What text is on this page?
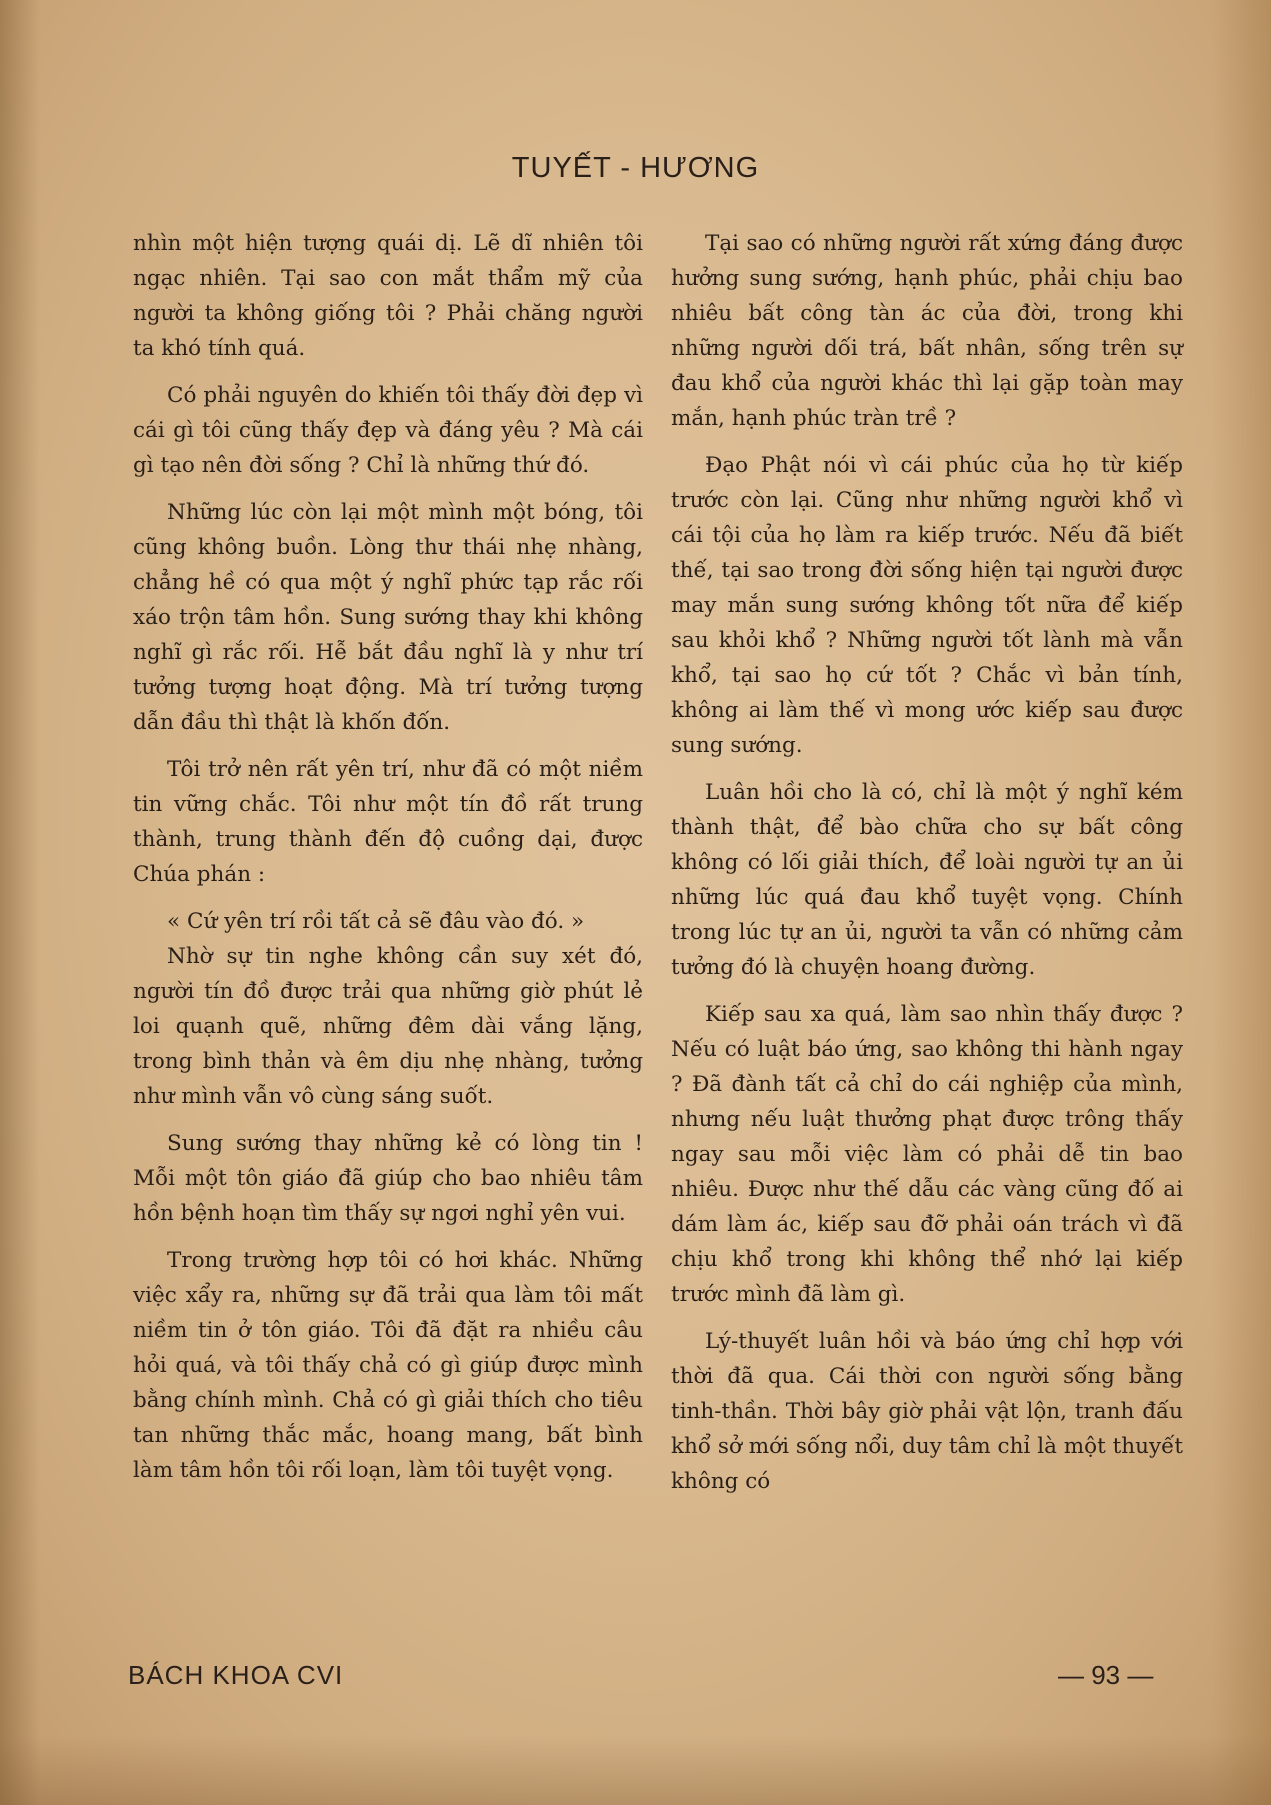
TUYẾT - HƯƠNG

nhìn một hiện tượng quái dị. Lẽ dĩ nhiên tôi ngạc nhiên. Tại sao con mắt thẩm mỹ của người ta không giống tôi ? Phải chăng người ta khó tính quá.

Có phải nguyên do khiến tôi thấy đời đẹp vì cái gì tôi cũng thấy đẹp và đáng yêu ? Mà cái gì tạo nên đời sống ? Chỉ là những thứ đó.

Những lúc còn lại một mình một bóng, tôi cũng không buồn. Lòng thư thái nhẹ nhàng, chẳng hề có qua một ý nghĩ phức tạp rắc rối xáo trộn tâm hồn. Sung sướng thay khi không nghĩ gì rắc rối. Hễ bắt đầu nghĩ là y như trí tưởng tượng hoạt động. Mà trí tưởng tượng dẫn đầu thì thật là khốn đốn.

Tôi trở nên rất yên trí, như đã có một niềm tin vững chắc. Tôi như một tín đồ rất trung thành, trung thành đến độ cuồng dại, được Chúa phán :

« Cứ yên trí rồi tất cả sẽ đâu vào đó. »

Nhờ sự tin nghe không cần suy xét đó, người tín đồ được trải qua những giờ phút lẻ loi quạnh quẽ, những đêm dài vắng lặng, trong bình thản và êm dịu nhẹ nhàng, tưởng như mình vẫn vô cùng sáng suốt.

Sung sướng thay những kẻ có lòng tin ! Mỗi một tôn giáo đã giúp cho bao nhiêu tâm hồn bệnh hoạn tìm thấy sự ngơi nghỉ yên vui.

Trong trường hợp tôi có hơi khác. Những việc xẩy ra, những sự đã trải qua làm tôi mất niềm tin ở tôn giáo. Tôi đã đặt ra nhiều câu hỏi quá, và tôi thấy chả có gì giúp được mình bằng chính mình. Chả có gì giải thích cho tiêu tan những thắc mắc, hoang mang, bất bình làm tâm hồn tôi rối loạn, làm tôi tuyệt vọng.

Tại sao có những người rất xứng đáng được hưởng sung sướng, hạnh phúc, phải chịu bao nhiêu bất công tàn ác của đời, trong khi những người dối trá, bất nhân, sống trên sự đau khổ của người khác thì lại gặp toàn may mắn, hạnh phúc tràn trề ?

Đạo Phật nói vì cái phúc của họ từ kiếp trước còn lại. Cũng như những người khổ vì cái tội của họ làm ra kiếp trước. Nếu đã biết thế, tại sao trong đời sống hiện tại người được may mắn sung sướng không tốt nữa để kiếp sau khỏi khổ ? Những người tốt lành mà vẫn khổ, tại sao họ cứ tốt ? Chắc vì bản tính, không ai làm thế vì mong ước kiếp sau được sung sướng.

Luân hồi cho là có, chỉ là một ý nghĩ kém thành thật, để bào chữa cho sự bất công không có lối giải thích, để loài người tự an ủi những lúc quá đau khổ tuyệt vọng. Chính trong lúc tự an ủi, người ta vẫn có những cảm tưởng đó là chuyện hoang đường.

Kiếp sau xa quá, làm sao nhìn thấy được ? Nếu có luật báo ứng, sao không thi hành ngay ? Đã đành tất cả chỉ do cái nghiệp của mình, nhưng nếu luật thưởng phạt được trông thấy ngay sau mỗi việc làm có phải dễ tin bao nhiêu. Được như thế dẫu các vàng cũng đố ai dám làm ác, kiếp sau đỡ phải oán trách vì đã chịu khổ trong khi không thể nhớ lại kiếp trước mình đã làm gì.

Lý-thuyết luân hồi và báo ứng chỉ hợp với thời đã qua. Cái thời con người sống bằng tinh-thần. Thời bây giờ phải vật lộn, tranh đấu khổ sở mới sống nổi, duy tâm chỉ là một thuyết không có

BÁCH KHOA CVI	— 93 —
